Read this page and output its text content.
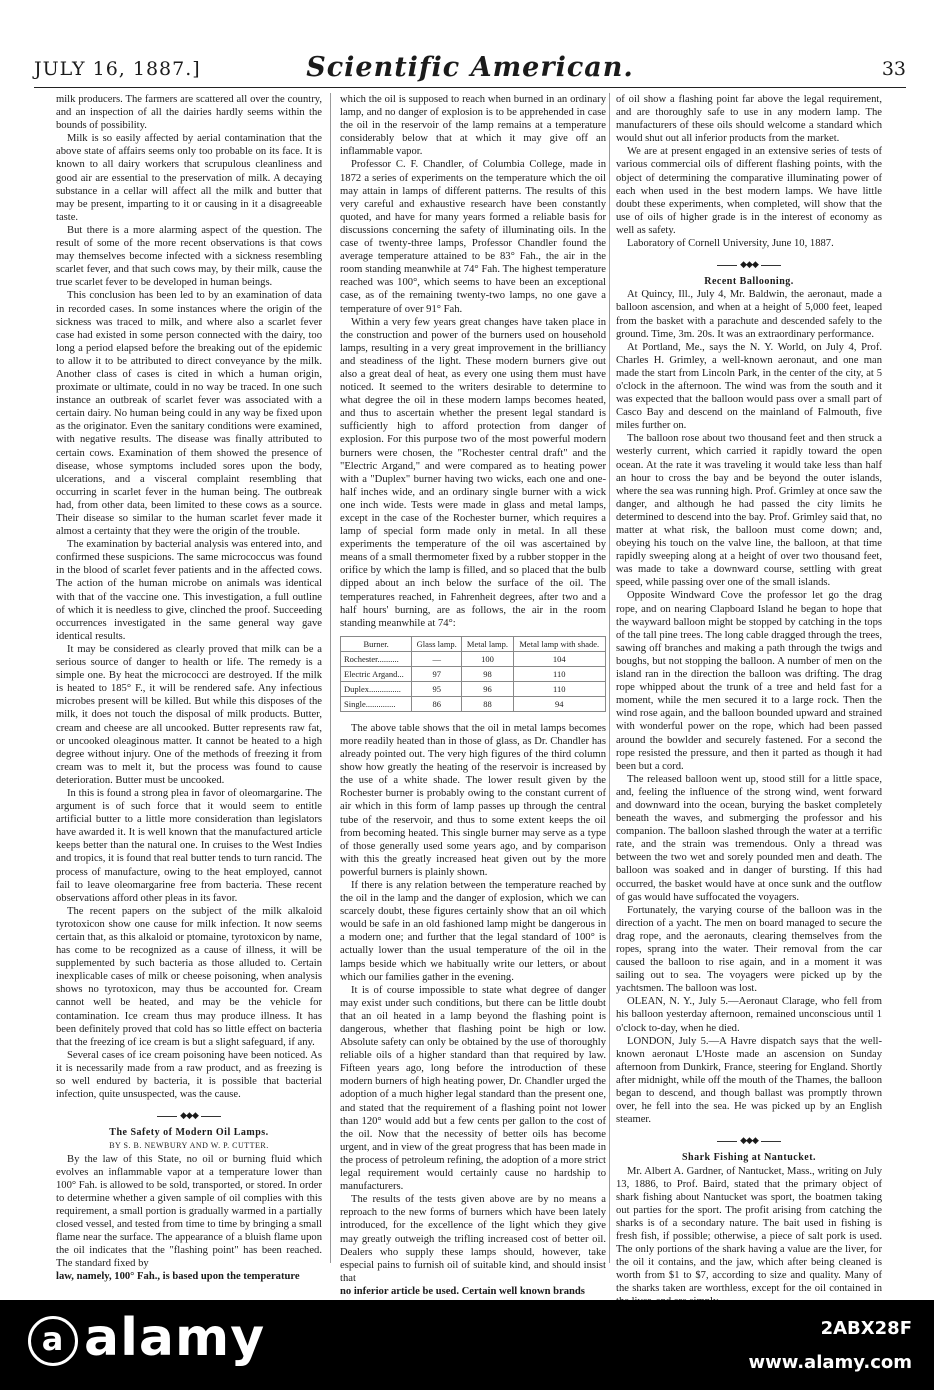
JULY 16, 1887.]	Scientific American.	33

milk producers. The farmers are scattered all over the country, and an inspection of all the dairies hardly seems within the bounds of possibility.

Milk is so easily affected by aerial contamination that the above state of affairs seems only too probable on its face. It is known to all dairy workers that scrupulous cleanliness and good air are essential to the preservation of milk. A decaying substance in a cellar will affect all the milk and butter that may be present, imparting to it or causing in it a disagreeable taste.

But there is a more alarming aspect of the question. The result of some of the more recent observations is that cows may themselves become infected with a sickness resembling scarlet fever, and that such cows may, by their milk, cause the true scarlet fever to be developed in human beings.

This conclusion has been led to by an examination of data in recorded cases. In some instances where the origin of the sickness was traced to milk, and where also a scarlet fever case had existed in some person connected with the dairy, too long a period elapsed before the breaking out of the epidemic to allow it to be attributed to direct conveyance by the milk. Another class of cases is cited in which a human origin, proximate or ultimate, could in no way be traced. In one such instance an outbreak of scarlet fever was associated with a certain dairy. No human being could in any way be fixed upon as the originator. Even the sanitary conditions were examined, with negative results. The disease was finally attributed to certain cows. Examination of them showed the presence of disease, whose symptoms included sores upon the body, ulcerations, and a visceral complaint resembling that occurring in scarlet fever in the human being. The outbreak had, from other data, been limited to these cows as a source. Their disease so similar to the human scarlet fever made it almost a certainty that they were the origin of the trouble.

The examination by bacterial analysis was entered into, and confirmed these suspicions. The same micrococcus was found in the blood of scarlet fever patients and in the affected cows. The action of the human microbe on animals was identical with that of the vaccine one. This investigation, a full outline of which it is needless to give, clinched the proof. Succeeding occurrences investigated in the same general way gave identical results.

It may be considered as clearly proved that milk can be a serious source of danger to health or life. The remedy is a simple one. By heat the micrococci are destroyed. If the milk is heated to 185° F., it will be rendered safe. Any infectious microbes present will be killed. But while this disposes of the milk, it does not touch the disposal of milk products. Butter, cream and cheese are all uncooked. Butter represents raw fat, or uncooked oleaginous matter. It cannot be heated to a high degree without injury. One of the methods of freezing it from cream was to melt it, but the process was found to cause deterioration. Butter must be uncooked.

In this is found a strong plea in favor of oleomargarine. The argument is of such force that it would seem to entitle artificial butter to a little more consideration than legislators have awarded it. It is well known that the manufactured article keeps better than the natural one. In cruises to the West Indies and tropics, it is found that real butter tends to turn rancid. The process of manufacture, owing to the heat employed, cannot fail to leave oleomargarine free from bacteria. These recent observations afford other pleas in its favor.

The recent papers on the subject of the milk alkaloid tyrotoxicon show one cause for milk infection. It now seems certain that, as this alkaloid or ptomaine, tyrotoxicon by name, has come to be recognized as a cause of illness, it will be supplemented by such bacteria as those alluded to. Certain inexplicable cases of milk or cheese poisoning, when analysis shows no tyrotoxicon, may thus be accounted for. Cream cannot well be heated, and may be the vehicle for contamination. Ice cream thus may produce illness. It has been definitely proved that cold has so little effect on bacteria that the freezing of ice cream is but a slight safeguard, if any.

Several cases of ice cream poisoning have been noticed. As it is necessarily made from a raw product, and as freezing is so well endured by bacteria, it is possible that bacterial infection, quite unsuspected, was the cause.

◆◆◆

The Safety of Modern Oil Lamps.

BY S. B. NEWBURY AND W. P. CUTTER.

By the law of this State, no oil or burning fluid which evolves an inflammable vapor at a temperature lower than 100° Fah. is allowed to be sold, transported, or stored. In order to determine whether a given sample of oil complies with this requirement, a small portion is gradually warmed in a partially closed vessel, and tested from time to time by bringing a small flame near the surface. The appearance of a bluish flame upon the oil indicates that the "flashing point" has been reached. The standard fixed by

law, namely, 100° Fah., is based upon the temperature

which the oil is supposed to reach when burned in an ordinary lamp, and no danger of explosion is to be apprehended in case the oil in the reservoir of the lamp remains at a temperature considerably below that at which it may give off an inflammable vapor.

Professor C. F. Chandler, of Columbia College, made in 1872 a series of experiments on the temperature which the oil may attain in lamps of different patterns. The results of this very careful and exhaustive research have been constantly quoted, and have for many years formed a reliable basis for discussions concerning the safety of illuminating oils. In the case of twenty-three lamps, Professor Chandler found the average temperature attained to be 83° Fah., the air in the room standing meanwhile at 74° Fah. The highest temperature reached was 100°, which seems to have been an exceptional case, as of the remaining twenty-two lamps, no one gave a temperature of over 91° Fah.

Within a very few years great changes have taken place in the construction and power of the burners used on household lamps, resulting in a very great improvement in the brilliancy and steadiness of the light. These modern burners give out also a great deal of heat, as every one using them must have noticed. It seemed to the writers desirable to determine to what degree the oil in these modern lamps becomes heated, and thus to ascertain whether the present legal standard is sufficiently high to afford protection from danger of explosion. For this purpose two of the most powerful modern burners were chosen, the "Rochester central draft" and the "Electric Argand," and were compared as to heating power with a "Duplex" burner having two wicks, each one and one-half inches wide, and an ordinary single burner with a wick one inch wide. Tests were made in glass and metal lamps, except in the case of the Rochester burner, which requires a lamp of special form made only in metal. In all these experiments the temperature of the oil was ascertained by means of a small thermometer fixed by a rubber stopper in the orifice by which the lamp is filled, and so placed that the bulb dipped about an inch below the surface of the oil. The temperatures reached, in Fahrenheit degrees, after two and a half hours' burning, are as follows, the air in the room standing meanwhile at 74°:

Burner.	Glass lamp.	Metal lamp.	Metal lamp with shade.
Rochester..........	—	100	104
Electric Argand...	97	98	110
Duplex...............	95	96	110
Single..............	86	88	94

The above table shows that the oil in metal lamps becomes more readily heated than in those of glass, as Dr. Chandler has already pointed out. The very high figures of the third column show how greatly the heating of the reservoir is increased by the use of a white shade. The lower result given by the Rochester burner is probably owing to the constant current of air which in this form of lamp passes up through the central tube of the reservoir, and thus to some extent keeps the oil from becoming heated. This single burner may serve as a type of those generally used some years ago, and by comparison with this the greatly increased heat given out by the more powerful burners is plainly shown.

If there is any relation between the temperature reached by the oil in the lamp and the danger of explosion, which we can scarcely doubt, these figures certainly show that an oil which would be safe in an old fashioned lamp might be dangerous in a modern one; and further that the legal standard of 100° is actually lower than the usual temperature of the oil in the lamps beside which we habitually write our letters, or about which our families gather in the evening.

It is of course impossible to state what degree of danger may exist under such conditions, but there can be little doubt that an oil heated in a lamp beyond the flashing point is dangerous, whether that flashing point be high or low. Absolute safety can only be obtained by the use of thoroughly reliable oils of a higher standard than that required by law. Fifteen years ago, long before the introduction of these modern burners of high heating power, Dr. Chandler urged the adoption of a much higher legal standard than the present one, and stated that the requirement of a flashing point not lower than 120° would add but a few cents per gallon to the cost of the oil. Now that the necessity of better oils has become urgent, and in view of the great progress that has been made in the process of petroleum refining, the adoption of a more strict legal requirement would certainly cause no hardship to manufacturers.

The results of the tests given above are by no means a reproach to the new forms of burners which have been lately introduced, for the excellence of the light which they give may greatly outweigh the trifling increased cost of better oil. Dealers who supply these lamps should, however, take especial pains to furnish oil of suitable kind, and should insist that

no inferior article be used. Certain well known brands

of oil show a flashing point far above the legal requirement, and are thoroughly safe to use in any modern lamp. The manufacturers of these oils should welcome a standard which would shut out all inferior products from the market.

We are at present engaged in an extensive series of tests of various commercial oils of different flashing points, with the object of determining the comparative illuminating power of each when used in the best modern lamps. We have little doubt these experiments, when completed, will show that the use of oils of higher grade is in the interest of economy as well as safety.

Laboratory of Cornell University, June 10, 1887.

◆◆◆

Recent Ballooning.

At Quincy, Ill., July 4, Mr. Baldwin, the aeronaut, made a balloon ascension, and when at a height of 5,000 feet, leaped from the basket with a parachute and descended safely to the ground. Time, 3m. 20s. It was an extraordinary performance.

At Portland, Me., says the N. Y. World, on July 4, Prof. Charles H. Grimley, a well-known aeronaut, and one man made the start from Lincoln Park, in the center of the city, at 5 o'clock in the afternoon. The wind was from the south and it was expected that the balloon would pass over a small part of Casco Bay and descend on the mainland of Falmouth, five miles further on.

The balloon rose about two thousand feet and then struck a westerly current, which carried it rapidly toward the open ocean. At the rate it was traveling it would take less than half an hour to cross the bay and be beyond the outer islands, where the sea was running high. Prof. Grimley at once saw the danger, and although he had passed the city limits he determined to descend into the bay. Prof. Grimley said that, no matter at what risk, the balloon must come down; and, obeying his touch on the valve line, the balloon, at that time rapidly sweeping along at a height of over two thousand feet, was made to take a downward course, settling with great speed, while passing over one of the small islands.

Opposite Windward Cove the professor let go the drag rope, and on nearing Clapboard Island he began to hope that the wayward balloon might be stopped by catching in the tops of the tall pine trees. The long cable dragged through the trees, sawing off branches and making a path through the twigs and boughs, but not stopping the balloon. A number of men on the island ran in the direction the balloon was drifting. The drag rope whipped about the trunk of a tree and held fast for a moment, while the men secured it to a large rock. Then the wind rose again, and the balloon bounded upward and strained with wonderful power on the rope, which had been passed around the bowlder and securely fastened. For a second the rope resisted the pressure, and then it parted as though it had been but a cord.

The released balloon went up, stood still for a little space, and, feeling the influence of the strong wind, went forward and downward into the ocean, burying the basket completely beneath the waves, and submerging the professor and his companion. The balloon slashed through the water at a terrific rate, and the strain was tremendous. Only a thread was between the two wet and sorely pounded men and death. The balloon was soaked and in danger of bursting. If this had occurred, the basket would have at once sunk and the outflow of gas would have suffocated the voyagers.

Fortunately, the varying course of the balloon was in the direction of a yacht. The men on board managed to secure the drag rope, and the aeronauts, clearing themselves from the ropes, sprang into the water. Their removal from the car caused the balloon to rise again, and in a moment it was sailing out to sea. The voyagers were picked up by the yachtsmen. The balloon was lost.

OLEAN, N. Y., July 5.—Aeronaut Clarage, who fell from his balloon yesterday afternoon, remained unconscious until 1 o'clock to-day, when he died.

LONDON, July 5.—A Havre dispatch says that the well-known aeronaut L'Hoste made an ascension on Sunday afternoon from Dunkirk, France, steering for England. Shortly after midnight, while off the mouth of the Thames, the balloon began to descend, and though ballast was promptly thrown over, he fell into the sea. He was picked up by an English steamer.

◆◆◆

Shark Fishing at Nantucket.

Mr. Albert A. Gardner, of Nantucket, Mass., writing on July 13, 1886, to Prof. Baird, stated that the primary object of shark fishing about Nantucket was sport, the boatmen taking out parties for the sport. The profit arising from catching the sharks is of a secondary nature. The bait used in fishing is fresh fish, if possible; otherwise, a piece of salt pork is used. The only portions of the shark having a value are the liver, for the oil it contains, and the jaw, which after being cleaned is worth from $1 to $7, according to size and quality. Many of the sharks taken are worthless, except for the oil contained in

a alamy	2ABX28F
www.alamy.com
